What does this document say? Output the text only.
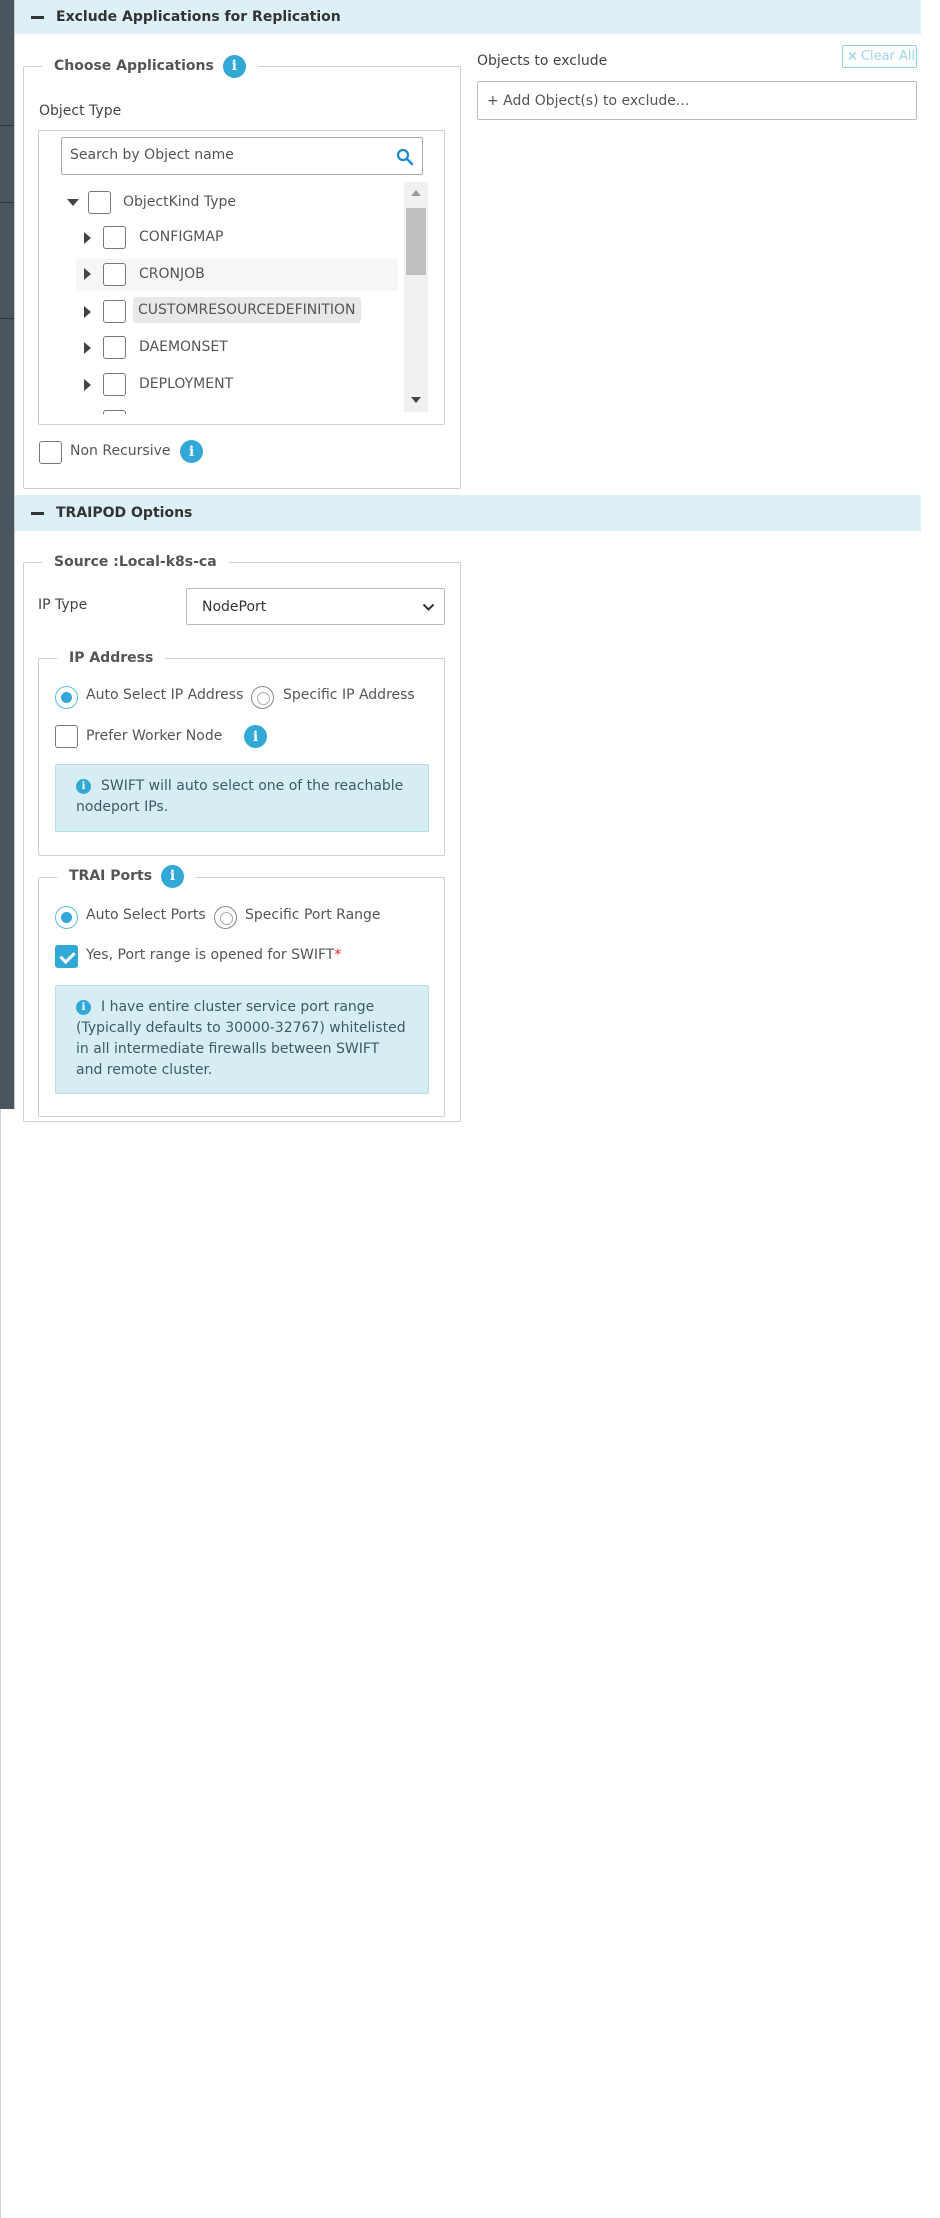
Exclude Applications for Replication
Choose Applications	i
Object Type
Search by Object name
ObjectKind Type
CONFIGMAP
CRONJOB
CUSTOMRESOURCEDEFINITION
DAEMONSET
DEPLOYMENT
Non Recursive	i
Objects to exclude	× Clear All
+ Add Object(s) to exclude...
TRAIPOD Options
Source :Local-k8s-ca
IP Type	NodePort
IP Address
Auto Select IP Address	Specific IP Address
Prefer Worker Node	i
i SWIFT will auto select one of the reachable nodeport IPs.
TRAI Ports	i
Auto Select Ports	Specific Port Range
Yes, Port range is opened for SWIFT*
i I have entire cluster service port range (Typically defaults to 30000-32767) whitelisted in all intermediate firewalls between SWIFT and remote cluster.
